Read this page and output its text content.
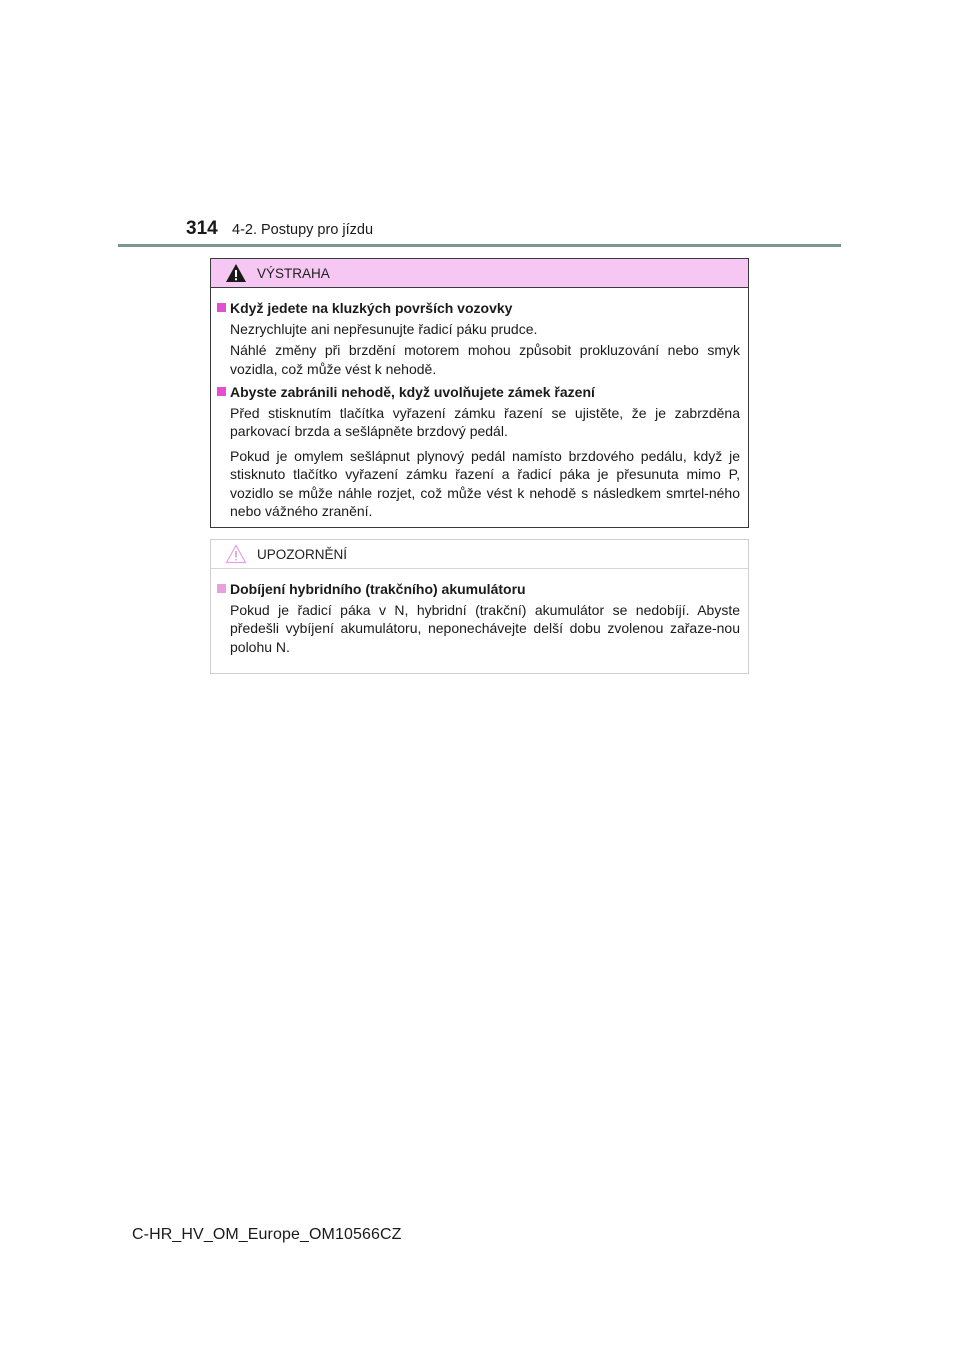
314 4-2. Postupy pro jízdu
VÝSTRAHA
Když jedete na kluzkých površích vozovky
Nezrychlujte ani nepřesunujte řadicí páku prudce.
Náhlé změny při brzdění motorem mohou způsobit prokluzování nebo smyk vozidla, což může vést k nehodě.
Abyste zabránili nehodě, když uvolňujete zámek řazení
Před stisknutím tlačítka vyřazení zámku řazení se ujistěte, že je zabrzděna parkovací brzda a sešlápněte brzdový pedál.
Pokud je omylem sešlápnut plynový pedál namísto brzdového pedálu, když je stisknuto tlačítko vyřazení zámku řazení a řadicí páka je přesunuta mimo P, vozidlo se může náhle rozjet, což může vést k nehodě s následkem smrtel-ného nebo vážného zranění.
UPOZORNĚNÍ
Dobíjení hybridního (trakčního) akumulátoru
Pokud je řadicí páka v N, hybridní (trakční) akumulátor se nedobíjí. Abyste předešli vybíjení akumulátoru, neponechávejte delší dobu zvolenou zařaze-nou polohu N.
C-HR_HV_OM_Europe_OM10566CZ
